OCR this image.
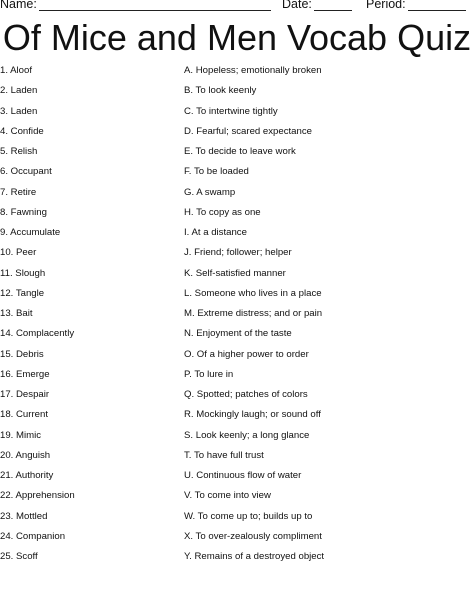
Name:	Date:	Period:
Of Mice and Men Vocab Quiz
1. Aloof
2. Laden
3. Laden
4. Confide
5. Relish
6. Occupant
7. Retire
8. Fawning
9. Accumulate
10. Peer
11. Slough
12. Tangle
13. Bait
14. Complacently
15. Debris
16. Emerge
17. Despair
18. Current
19. Mimic
20. Anguish
21. Authority
22. Apprehension
23. Mottled
24. Companion
25. Scoff
A. Hopeless; emotionally broken
B. To look keenly
C. To intertwine tightly
D. Fearful; scared expectance
E. To decide to leave work
F. To be loaded
G. A swamp
H. To copy as one
I. At a distance
J. Friend; follower; helper
K. Self-satisfied manner
L. Someone who lives in a place
M. Extreme distress; and or pain
N. Enjoyment of the taste
O. Of a higher power to order
P. To lure in
Q. Spotted; patches of colors
R. Mockingly laugh; or sound off
S. Look keenly; a long glance
T. To have full trust
U. Continuous flow of water
V. To come into view
W. To come up to; builds up to
X. To over-zealously compliment
Y. Remains of a destroyed object
